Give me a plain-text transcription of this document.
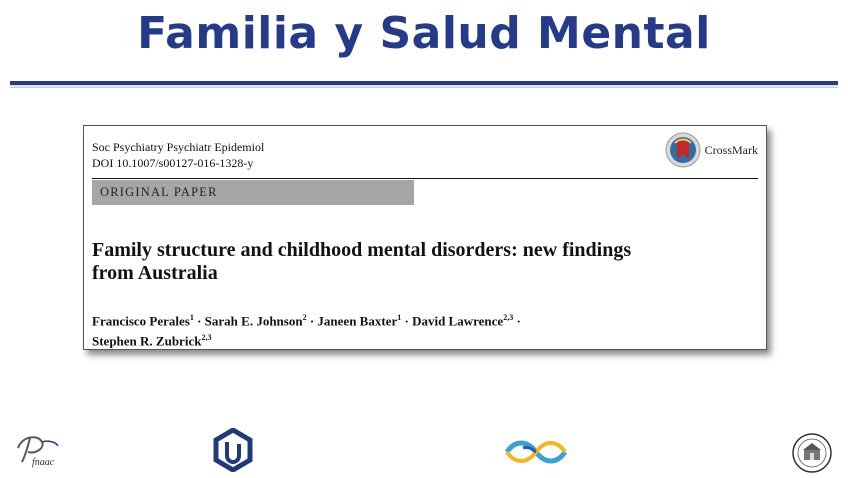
Familia y Salud Mental
Soc Psychiatry Psychiatr Epidemiol
DOI 10.1007/s00127-016-1328-y
CrossMark
ORIGINAL PAPER
Family structure and childhood mental disorders: new findings
from Australia
Francisco Perales$^1$ · Sarah E. Johnson$^2$ · Janeen Baxter$^1$ · David Lawrence$^{2,3}$ ·
Stephen R. Zubrick$^{2,3}$
fnaac
